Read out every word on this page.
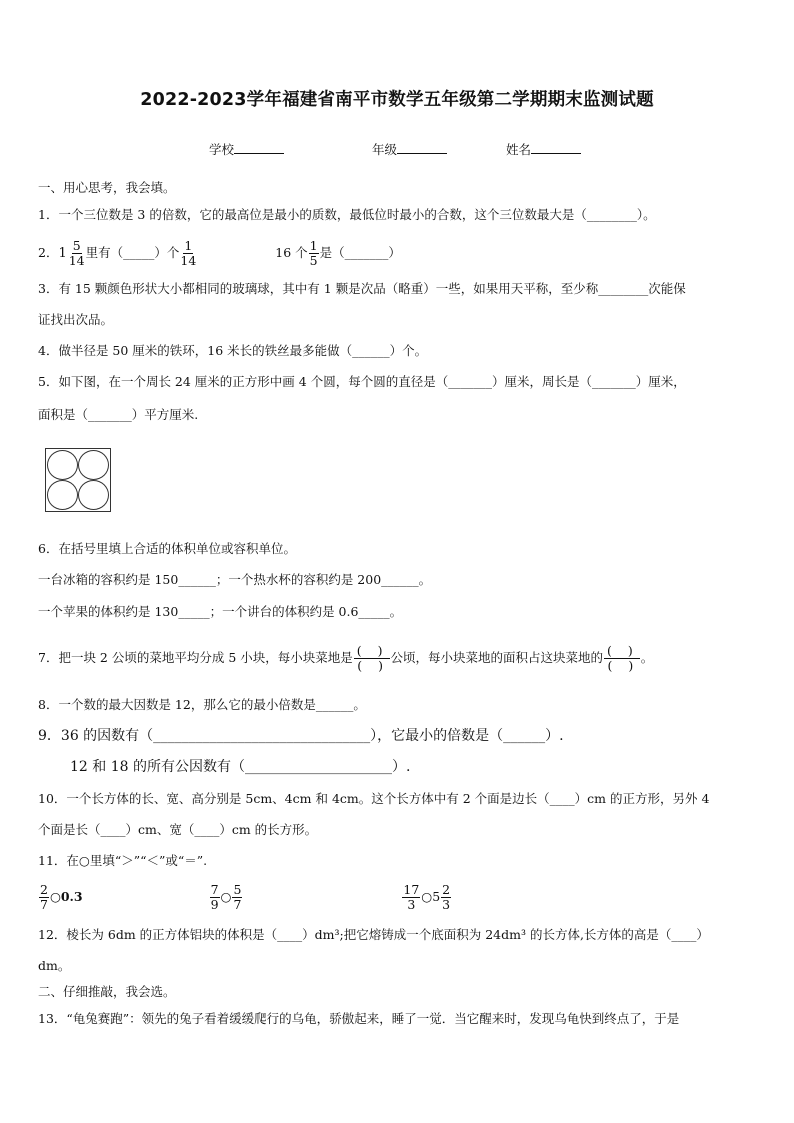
2022-2023学年福建省南平市数学五年级第二学期期末监测试题
学校	年级	姓名
一、用心思考，我会填。
1．一个三位数是 3 的倍数，它的最高位是最小的质数，最低位时最小的合数，这个三位数最大是（________）。
2． $1 \frac{5}{14}$ 里有（_____）个 $\frac{1}{14}$	16 个 $\frac{1}{5}$ 是（_______）
3．有 15 颗颜色形状大小都相同的玻璃球，其中有 1 颗是次品（略重）一些，如果用天平称，至少称________次能保
证找出次品。
4．做半径是 50 厘米的铁环，16 米长的铁丝最多能做（______）个。
5．如下图，在一个周长 24 厘米的正方形中画 4 个圆，每个圆的直径是（_______）厘米，周长是（_______）厘米，
面积是（_______）平方厘米.
6．在括号里填上合适的体积单位或容积单位。
一台冰箱的容积约是 150______；一个热水杯的容积约是 200______。
一个苹果的体积约是 130_____；一个讲台的体积约是 0.6_____。
7．把一块 2 公顷的菜地平均分成 5 小块，每小块菜地是 $\frac{( )}{( )}$ 公顷，每小块菜地的面积占这块菜地的 $\frac{( )}{( )}$ 。
8．一个数的最大因数是 12，那么它的最小倍数是______。
9．36 的因数有（_______________________________），它最小的倍数是（______）.
12 和 18 的所有公因数有（_____________________）.
10．一个长方体的长、宽、高分别是 5cm、4cm 和 4cm。这个长方体中有 2 个面是边长（____）cm 的正方形，另外 4
个面是长（____）cm、宽（____）cm 的长方形。
11．在○里填“＞”“＜”或“＝”.
$\frac{2}{7}$ ○0.3	$\frac{7}{9}$ ○ $\frac{5}{7}$
	$\frac{17}{3}$ ○5 $\frac{2}{3}$
12．棱长为 6dm 的正方体铝块的体积是（____）dm³;把它熔铸成一个底面积为 24dm³ 的长方体,长方体的高是（____）
dm。
二、仔细推敲，我会选。
13．“龟兔赛跑”：领先的兔子看着缓缓爬行的乌龟，骄傲起来，睡了一觉．当它醒来时，发现乌龟快到终点了，于是
